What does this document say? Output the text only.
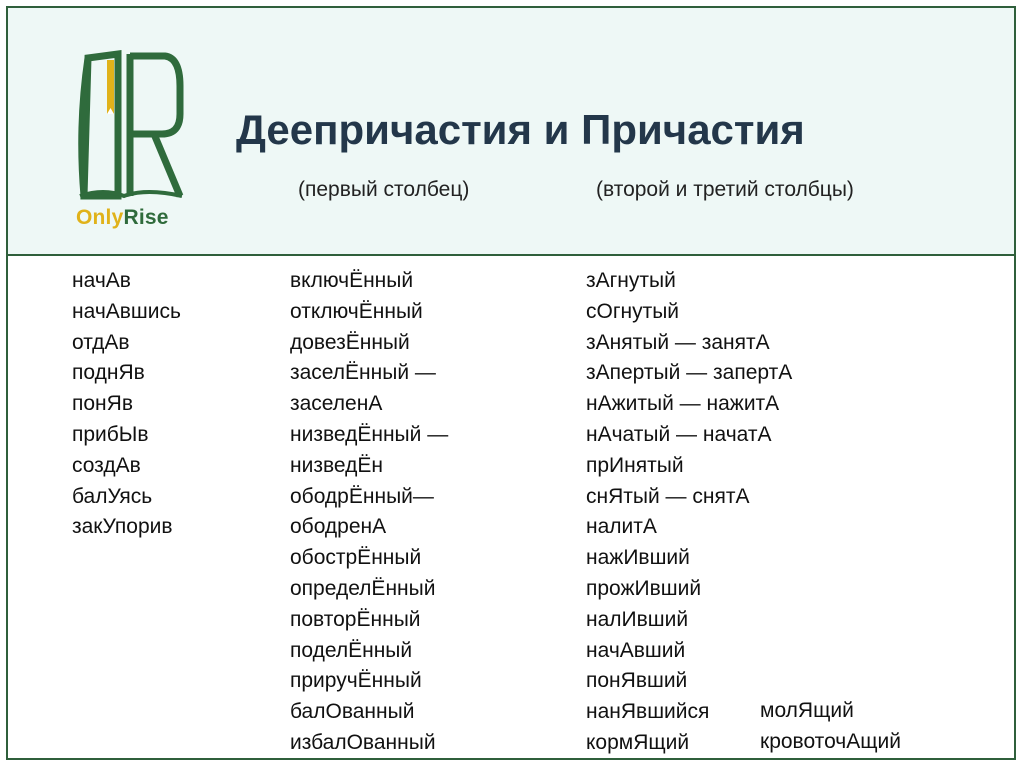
OnlyRise
Деепричастия и Причастия
(первый столбец)	(второй и третий столбцы)
начАв
начАвшись
отдАв
поднЯв
понЯв
прибЫв
создАв
балУясь
закУпорив
включЁнный
отключЁнный
довезЁнный
заселЁнный —
заселенА
низведЁнный —
низведЁн
ободрЁнный—
ободренА
обострЁнный
определЁнный
повторЁнный
поделЁнный
приручЁнный
балОванный
избалОванный
зАгнутый
сОгнутый
зАнятый — занятА
зАпертый — запертА
нАжитый — нажитА
нАчатый — начатА
прИнятый
снЯтый — снятА
налитА
нажИвший
прожИвший
налИвший
начАвший
понЯвший
нанЯвшийся
кормЯщий
молЯщий
кровоточАщий
